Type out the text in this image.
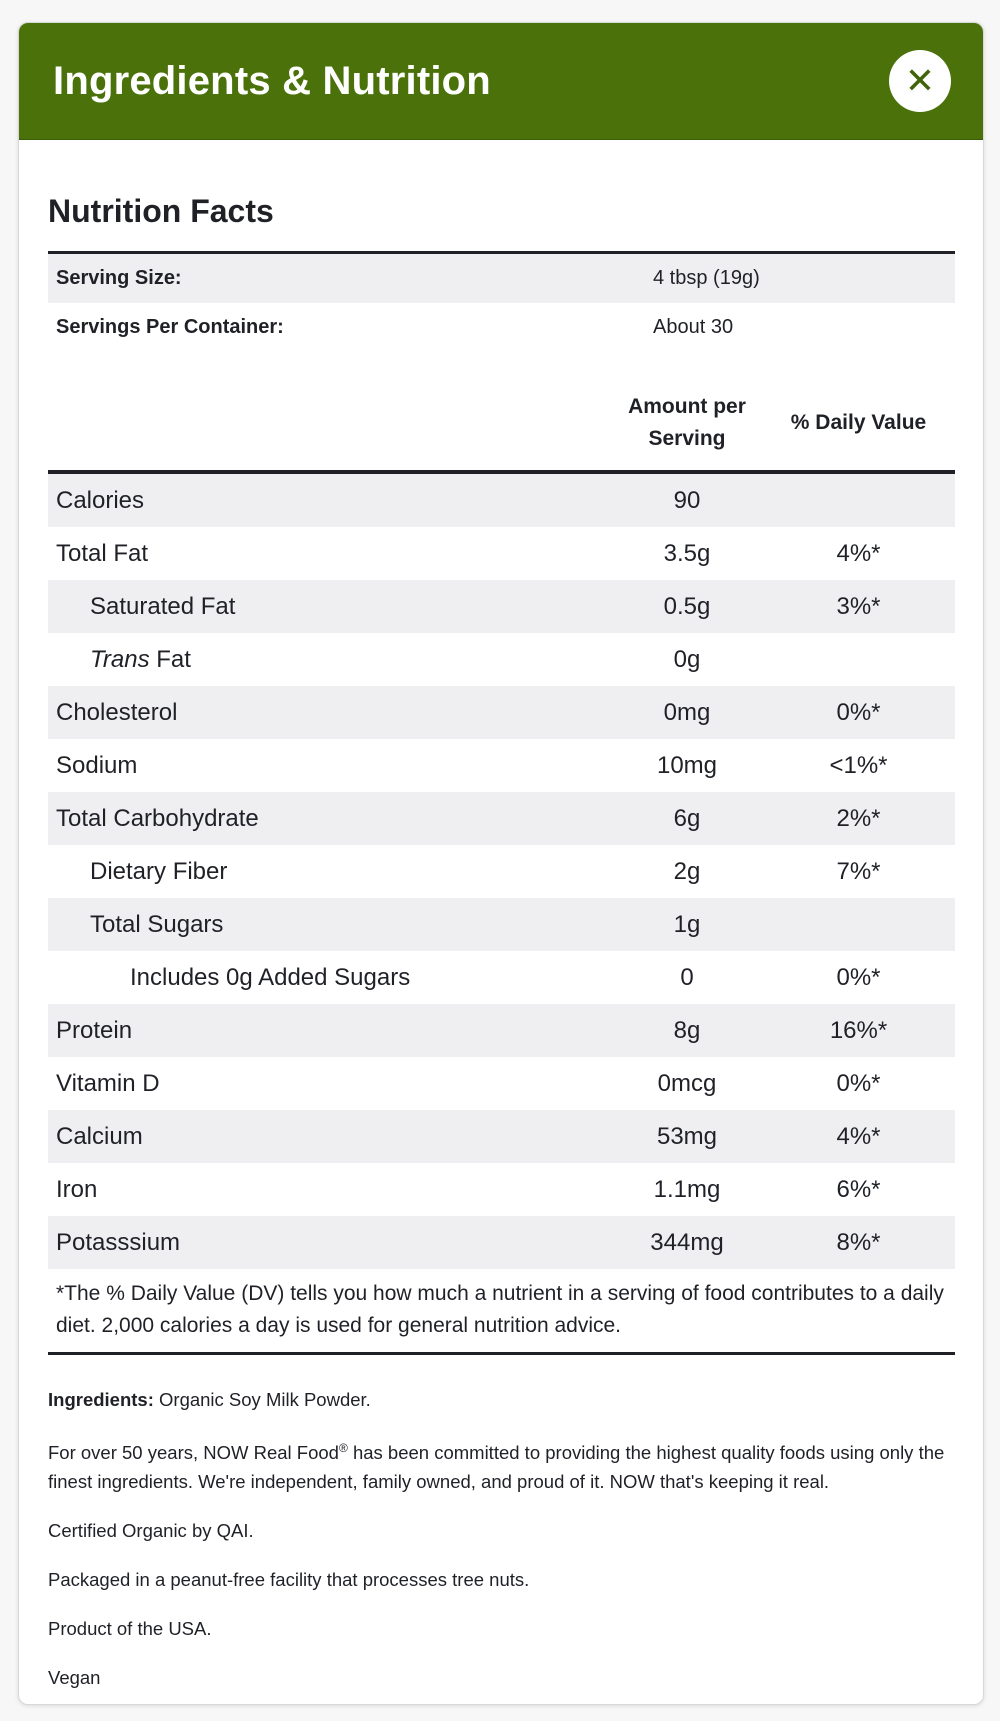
Ingredients & Nutrition	✕
Nutrition Facts
Serving Size:	4 tbsp (19g)
Servings Per Container:	About 30
Amount per Serving
% Daily Value
Calories	90
Total Fat	3.5g	4%*
Saturated Fat	0.5g	3%*
Trans Fat	0g
Cholesterol	0mg	0%*
Sodium	10mg	<1%*
Total Carbohydrate	6g	2%*
Dietary Fiber	2g	7%*
Total Sugars	1g
Includes 0g Added Sugars	0	0%*
Protein	8g	16%*
Vitamin D	0mcg	0%*
Calcium	53mg	4%*
Iron	1.1mg	6%*
Potasssium	344mg	8%*
*The % Daily Value (DV) tells you how much a nutrient in a serving of food contributes to a daily diet. 2,000 calories a day is used for general nutrition advice.

Ingredients: Organic Soy Milk Powder.

For over 50 years, NOW Real Food® has been committed to providing the highest quality foods using only the finest ingredients. We're independent, family owned, and proud of it. NOW that's keeping it real.

Certified Organic by QAI.

Packaged in a peanut-free facility that processes tree nuts.

Product of the USA.

Vegan
